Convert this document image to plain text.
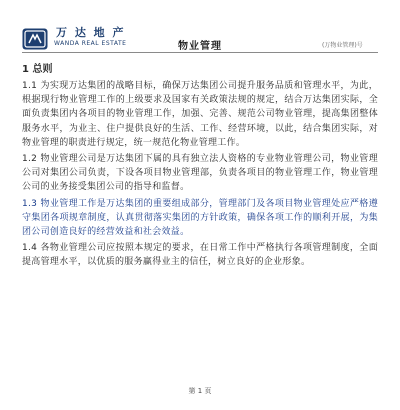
万 达 地 产
WANDA REAL ESTATE	物业管理	(万物业管理)号
1 总则

1.1 为实现万达集团的战略目标，确保万达集团公司提升服务品质和管理水平，为此，根据现行物业管理工作的上级要求及国家有关政策法规的规定，结合万达集团实际，全面负责集团内各项目的物业管理工作，加强、完善、规范公司物业管理，提高集团整体服务水平，为业主、住户提供良好的生活、工作、经营环境，以此，结合集团实际，对物业管理的职责进行规定，统一规范化物业管理工作。

1.2 物业管理公司是万达集团下属的具有独立法人资格的专业物业管理公司，物业管理公司对集团公司负责，下设各项目物业管理部，负责各项目的物业管理工作，物业管理公司的业务接受集团公司的指导和监督。

1.3 物业管理工作是万达集团的重要组成部分，管理部门及各项目物业管理处应严格遵守集团各项规章制度，认真贯彻落实集团的方针政策，确保各项工作的顺利开展，为集团公司创造良好的经营效益和社会效益。

1.4 各物业管理公司应按照本规定的要求，在日常工作中严格执行各项管理制度，全面提高管理水平，以优质的服务赢得业主的信任，树立良好的企业形象。

第 1 页
